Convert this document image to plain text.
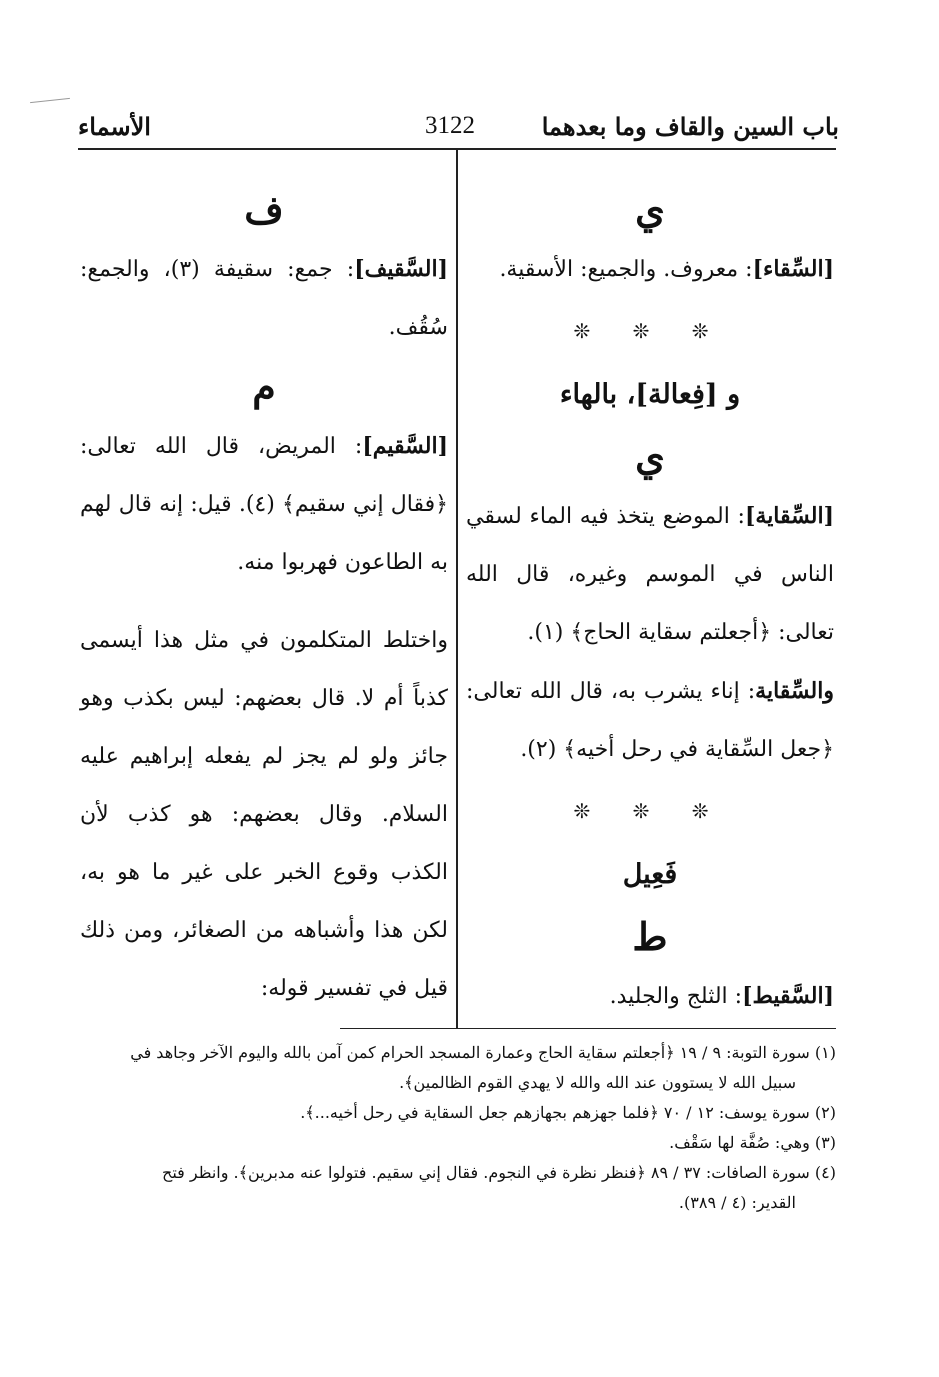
باب السين والقاف وما بعدهما
3122
الأسماء
ي

[السِّقاء]: معروف. والجميع: الأسقية.

❊ ❊ ❊
و [فِعالة]، بالهاء
ي

[السِّقاية]: الموضع يتخذ فيه الماء لسقي الناس في الموسم وغيره، قال الله تعالى: ﴿أجعلتم سقاية الحاج﴾ (١).

والسِّقاية: إناء يشرب به، قال الله تعالى: ﴿جعل السِّقاية في رحل أخيه﴾ (٢).

❊ ❊ ❊
فَعِيل
ط

[السَّقيط]: الثلج والجليد.

ف

[السَّقيف]: جمع: سقيفة (٣)، والجمع: سُقُف.

م

[السَّقيم]: المريض، قال الله تعالى: ﴿فقال إني سقيم﴾ (٤). قيل: إنه قال لهم به الطاعون فهربوا منه.

واختلط المتكلمون في مثل هذا أيسمى كذباً أم لا. قال بعضهم: ليس بكذب وهو جائز ولو لم يجز لم يفعله إبراهيم عليه السلام. وقال بعضهم: هو كذب لأن الكذب وقوع الخبر على غير ما هو به، لكن هذا وأشباهه من الصغائر، ومن ذلك قيل في تفسير قوله:

(١) سورة التوبة: ٩ / ١٩ ﴿أجعلتم سقاية الحاج وعمارة المسجد الحرام كمن آمن بالله واليوم الآخر وجاهد في

سبيل الله لا يستوون عند الله والله لا يهدي القوم الظالمين﴾.

(٢) سورة يوسف: ١٢ / ٧٠ ﴿فلما جهزهم بجهازهم جعل السقاية في رحل أخيه...﴾.

(٣) وهي: صُفَّة لها سَقْف.

(٤) سورة الصافات: ٣٧ / ٨٩ ﴿فنظر نظرة في النجوم. فقال إني سقيم. فتولوا عنه مدبرين﴾. وانظر فتح

القدير: (٤ / ٣٨٩).
